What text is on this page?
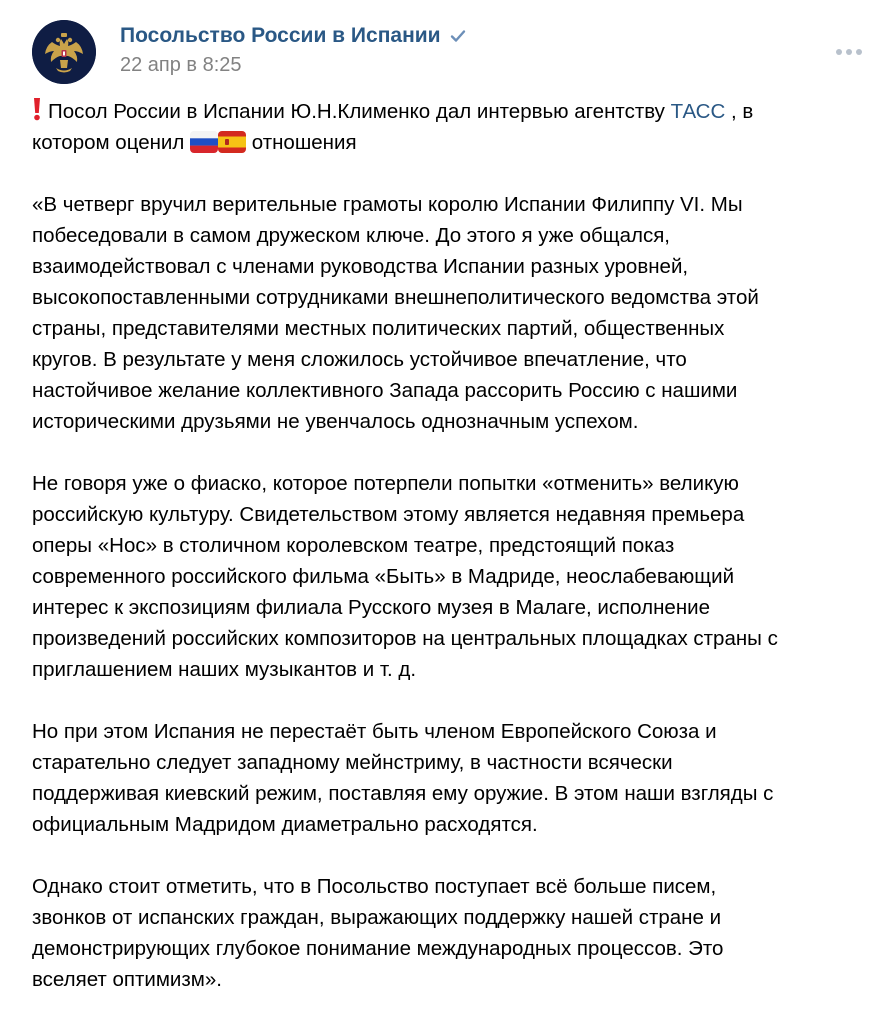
Посольство России в Испании
22 апр в 8:25
Посол России в Испании Ю.Н.Клименко дал интервью агентству ТАСС , в
котором оценил	отношения
«В четверг вручил верительные грамоты королю Испании Филиппу VI. Мы
побеседовали в самом дружеском ключе. До этого я уже общался,
взаимодействовал с членами руководства Испании разных уровней,
высокопоставленными сотрудниками внешнеполитического ведомства этой
страны, представителями местных политических партий, общественных
кругов. В результате у меня сложилось устойчивое впечатление, что
настойчивое желание коллективного Запада рассорить Россию с нашими
историческими друзьями не увенчалось однозначным успехом.
Не говоря уже о фиаско, которое потерпели попытки «отменить» великую
российскую культуру. Свидетельством этому является недавняя премьера
оперы «Нос» в столичном королевском театре, предстоящий показ
современного российского фильма «Быть» в Мадриде, неослабевающий
интерес к экспозициям филиала Русского музея в Малаге, исполнение
произведений российских композиторов на центральных площадках страны с
приглашением наших музыкантов и т. д.
Но при этом Испания не перестаёт быть членом Европейского Союза и
старательно следует западному мейнстриму, в частности всячески
поддерживая киевский режим, поставляя ему оружие. В этом наши взгляды с
официальным Мадридом диаметрально расходятся.
Однако стоит отметить, что в Посольство поступает всё больше писем,
звонков от испанских граждан, выражающих поддержку нашей стране и
демонстрирующих глубокое понимание международных процессов. Это
вселяет оптимизм».
